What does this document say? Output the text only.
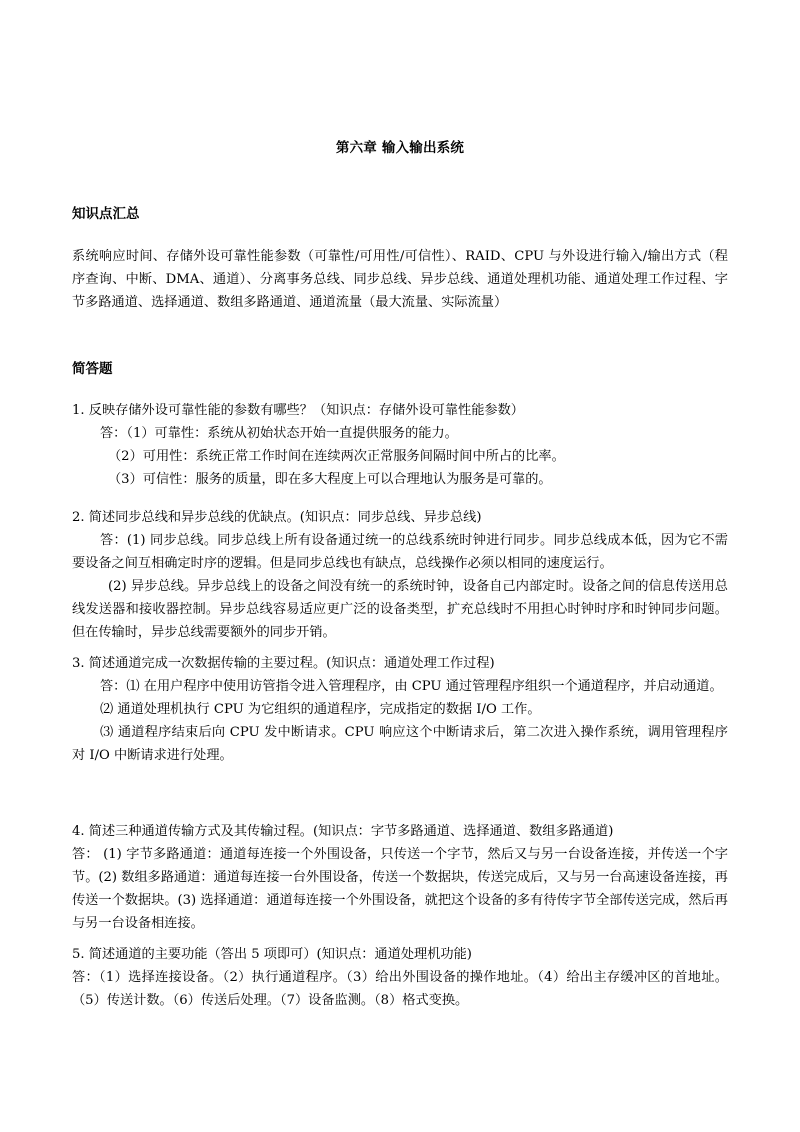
第六章 输入输出系统
知识点汇总
系统响应时间、存储外设可靠性能参数（可靠性/可用性/可信性）、RAID、CPU 与外设进行输入/输出方式（程序查询、中断、DMA、通道）、分离事务总线、同步总线、异步总线、通道处理机功能、通道处理工作过程、字节多路通道、选择通道、数组多路通道、通道流量（最大流量、实际流量）
简答题
1. 反映存储外设可靠性能的参数有哪些？（知识点：存储外设可靠性能参数）
答：（1）可靠性：系统从初始状态开始一直提供服务的能力。
（2）可用性：系统正常工作时间在连续两次正常服务间隔时间中所占的比率。
（3）可信性：服务的质量，即在多大程度上可以合理地认为服务是可靠的。
2. 简述同步总线和异步总线的优缺点。(知识点：同步总线、异步总线)
答：(1) 同步总线。同步总线上所有设备通过统一的总线系统时钟进行同步。同步总线成本低，因为它不需要设备之间互相确定时序的逻辑。但是同步总线也有缺点，总线操作必须以相同的速度运行。
(2) 异步总线。异步总线上的设备之间没有统一的系统时钟，设备自己内部定时。设备之间的信息传送用总线发送器和接收器控制。异步总线容易适应更广泛的设备类型，扩充总线时不用担心时钟时序和时钟同步问题。但在传输时，异步总线需要额外的同步开销。
3. 简述通道完成一次数据传输的主要过程。(知识点：通道处理工作过程)
答：⑴ 在用户程序中使用访管指令进入管理程序，由 CPU 通过管理程序组织一个通道程序，并启动通道。
⑵ 通道处理机执行 CPU 为它组织的通道程序，完成指定的数据 I/O 工作。
⑶ 通道程序结束后向 CPU 发中断请求。CPU 响应这个中断请求后，第二次进入操作系统，调用管理程序对 I/O 中断请求进行处理。
4. 简述三种通道传输方式及其传输过程。(知识点：字节多路通道、选择通道、数组多路通道)
答： (1) 字节多路通道：通道每连接一个外围设备，只传送一个字节，然后又与另一台设备连接，并传送一个字节。(2) 数组多路通道：通道每连接一台外围设备，传送一个数据块，传送完成后，又与另一台高速设备连接，再传送一个数据块。(3) 选择通道：通道每连接一个外围设备，就把这个设备的多有待传字节全部传送完成，然后再与另一台设备相连接。
5. 简述通道的主要功能（答出 5 项即可）(知识点：通道处理机功能)
答：（1）选择连接设备。（2）执行通道程序。（3）给出外围设备的操作地址。（4）给出主存缓冲区的首地址。（5）传送计数。（6）传送后处理。（7）设备监测。（8）格式变换。
